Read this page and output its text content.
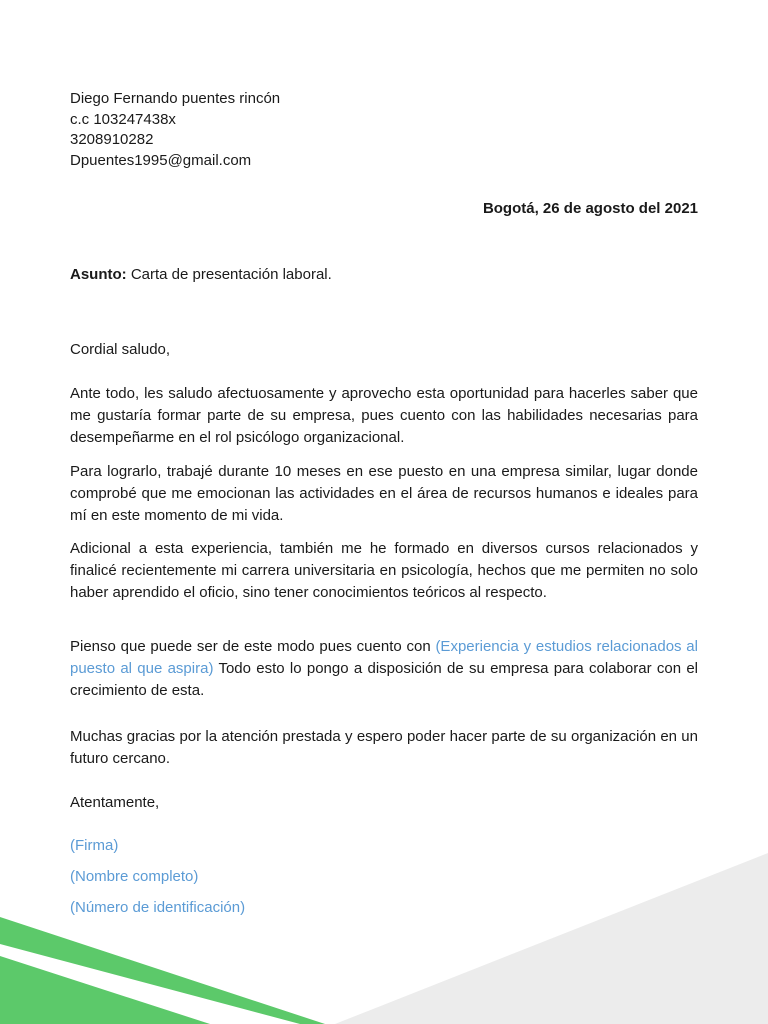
Diego Fernando puentes rincón
c.c 103247438x
3208910282
Dpuentes1995@gmail.com
Bogotá, 26 de agosto del 2021
Asunto: Carta de presentación laboral.
Cordial saludo,
Ante todo, les saludo afectuosamente y aprovecho esta oportunidad para hacerles saber que me gustaría formar parte de su empresa, pues cuento con las habilidades necesarias para desempeñarme en el rol psicólogo organizacional.
Para lograrlo, trabajé durante 10 meses en ese puesto en una empresa similar, lugar donde comprobé que me emocionan las actividades en el área de recursos humanos e ideales para mí en este momento de mi vida.
Adicional a esta experiencia, también me he formado en diversos cursos relacionados y finalicé recientemente mi carrera universitaria en psicología, hechos que me permiten no solo haber aprendido el oficio, sino tener conocimientos teóricos al respecto.
Pienso que puede ser de este modo pues cuento con (Experiencia y estudios relacionados al puesto al que aspira) Todo esto lo pongo a disposición de su empresa para colaborar con el crecimiento de esta.
Muchas gracias por la atención prestada y espero poder hacer parte de su organización en un futuro cercano.
Atentamente,
(Firma)
(Nombre completo)
(Número de identificación)
